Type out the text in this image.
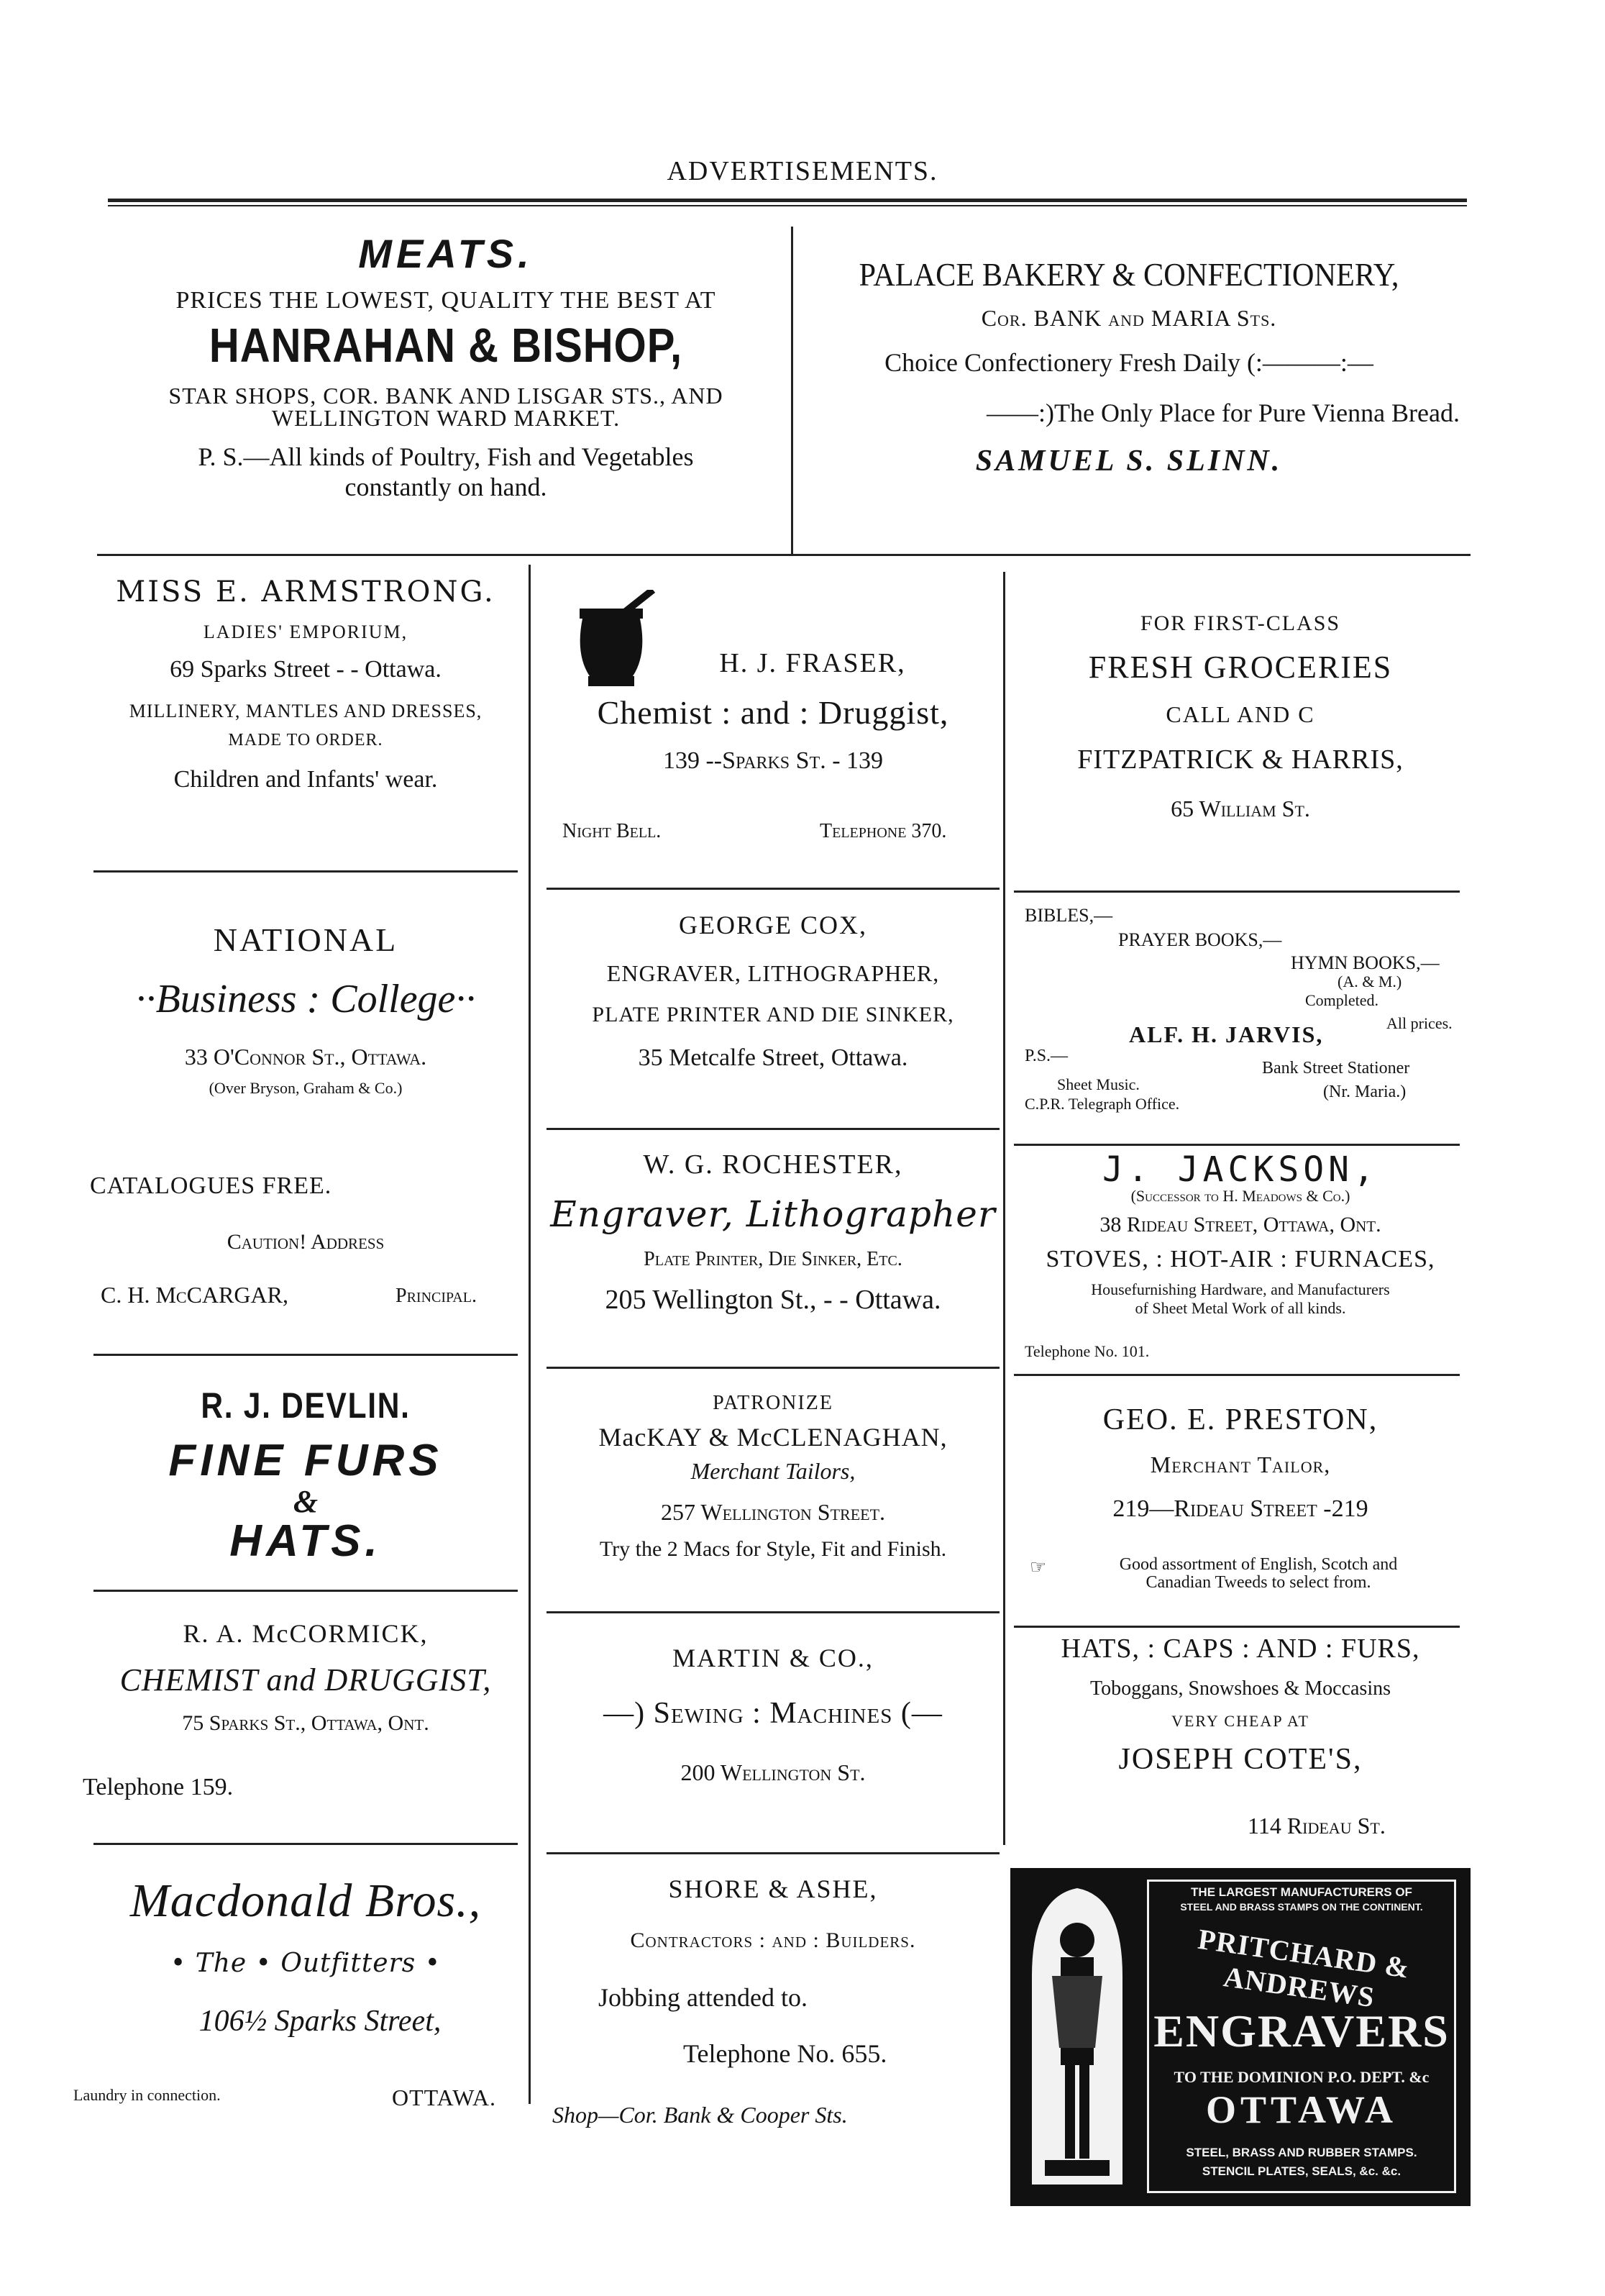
ADVERTISEMENTS.
MEATS.
PRICES THE LOWEST, QUALITY THE BEST AT
HANRAHAN & BISHOP,
STAR SHOPS, COR. BANK AND LISGAR STS., AND
WELLINGTON WARD MARKET.
P. S.—All kinds of Poultry, Fish and Vegetables
constantly on hand.
PALACE BAKERY & CONFECTIONERY,
Cor. BANK and MARIA Sts.
Choice Confectionery Fresh Daily (:———:—
——:)The Only Place for Pure Vienna Bread.
SAMUEL S. SLINN.
MISS E. ARMSTRONG.
LADIES' EMPORIUM,
69 Sparks Street - - Ottawa.
MILLINERY, MANTLES AND DRESSES,
MADE TO ORDER.
Children and Infants' wear.
H. J. FRASER,
Chemist : and : Druggist,
139 --Sparks St. - 139
Night Bell.	Telephone 370.
FOR FIRST-CLASS
FRESH GROCERIES
CALL AND C
FITZPATRICK & HARRIS,
65 William St.
NATIONAL
··Business : College··
33 O'Connor St., Ottawa.
(Over Bryson, Graham & Co.)
CATALOGUES FREE.
Caution! Address
C. H. McCARGAR,	Principal.
GEORGE COX,
ENGRAVER, LITHOGRAPHER,
PLATE PRINTER AND DIE SINKER,
35 Metcalfe Street, Ottawa.
BIBLES,—
PRAYER BOOKS,—
HYMN BOOKS,—
(A. & M.)
Completed.
All prices.
ALF. H. JARVIS,
P.S.—
Bank Street Stationer
Sheet Music.	(Nr. Maria.)
C.P.R. Telegraph Office.
W. G. ROCHESTER,
Engraver, Lithographer
Plate Printer, Die Sinker, Etc.
205 Wellington St., - - Ottawa.
J. JACKSON,
(Successor to H. Meadows & Co.)
38 Rideau Street, Ottawa, Ont.
STOVES, : HOT-AIR : FURNACES,
Housefurnishing Hardware, and Manufacturers
of Sheet Metal Work of all kinds.
Telephone No. 101.
R. J. DEVLIN.
FINE FURS
&
HATS.
PATRONIZE
MacKAY & McCLENAGHAN,
Merchant Tailors,
257 Wellington Street.
Try the 2 Macs for Style, Fit and Finish.
GEO. E. PRESTON,
Merchant Tailor,
219—Rideau Street -219
☞	Good assortment of English, Scotch and
Canadian Tweeds to select from.
R. A. McCORMICK,
CHEMIST and DRUGGIST,
75 Sparks St., Ottawa, Ont.
Telephone 159.
MARTIN & CO.,
—) Sewing : Machines (—
200 Wellington St.
HATS, : CAPS : AND : FURS,
Toboggans, Snowshoes & Moccasins
VERY CHEAP AT
JOSEPH COTE'S,
114 Rideau St.
Macdonald Bros.,
• The • Outfitters •
106½ Sparks Street,
Laundry in connection.	OTTAWA.
SHORE & ASHE,
Contractors : and : Builders.
Jobbing attended to.
Telephone No. 655.
Shop—Cor. Bank & Cooper Sts.
THE LARGEST MANUFACTURERS OF
STEEL AND BRASS STAMPS ON THE CONTINENT.
PRITCHARD & ANDREWS
ENGRAVERS
TO THE DOMINION P.O. DEPT. &c
OTTAWA
STEEL, BRASS AND RUBBER STAMPS.
STENCIL PLATES, SEALS, &c. &c.
